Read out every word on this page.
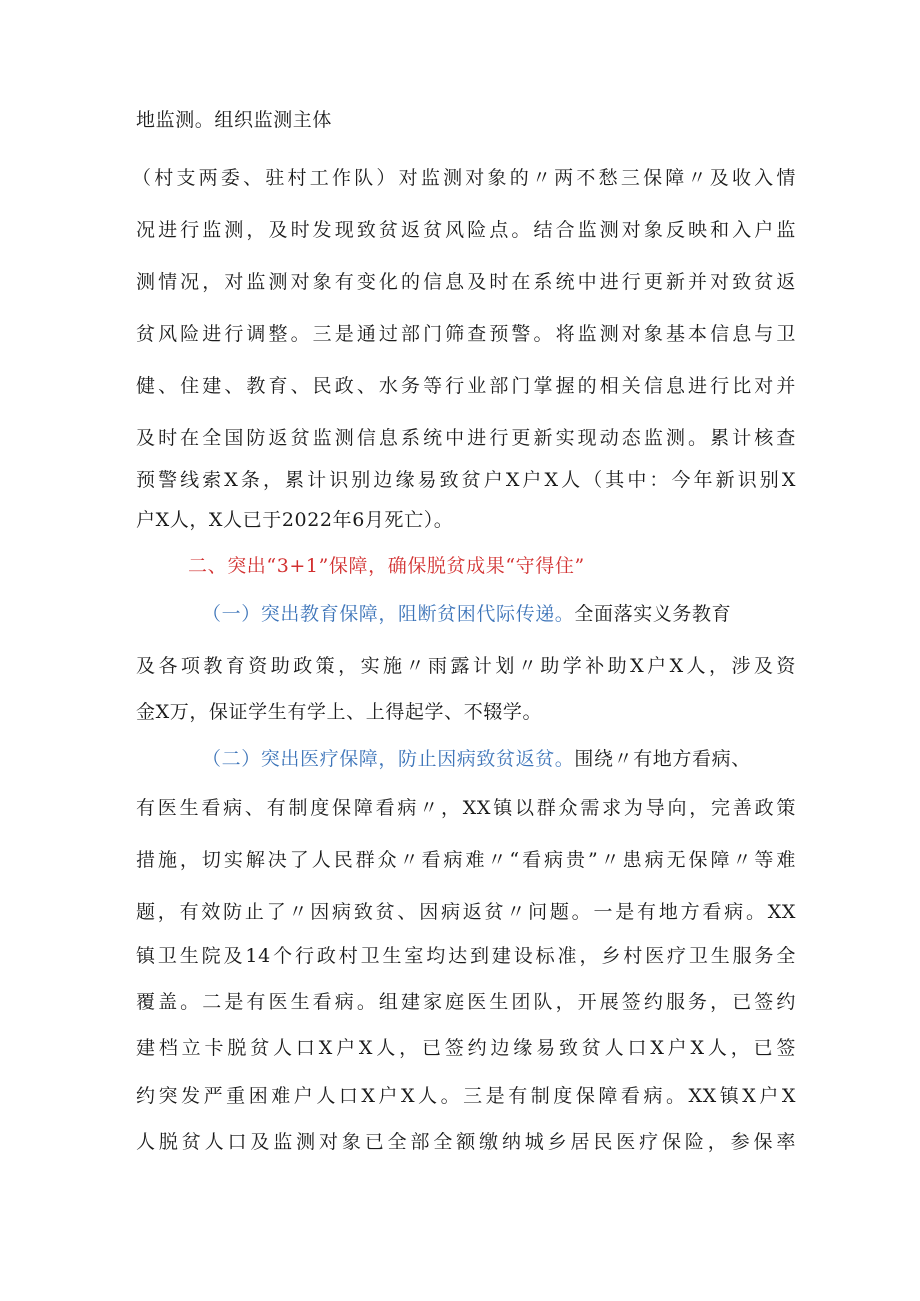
地监测。组织监测主体
（村支两委、驻村工作队）对监测对象的〃两不愁三保障〃及收入情
况进行监测，及时发现致贫返贫风险点。结合监测对象反映和入户监
测情况，对监测对象有变化的信息及时在系统中进行更新并对致贫返
贫风险进行调整。三是通过部门筛查预警。将监测对象基本信息与卫
健、住建、教育、民政、水务等行业部门掌握的相关信息进行比对并
及时在全国防返贫监测信息系统中进行更新实现动态监测。累计核查
预警线索X条，累计识别边缘易致贫户X户X人（其中：今年新识别X
户X人，X人已于2022年6月死亡）。
二、突出“3+1”保障，确保脱贫成果“守得住”
（一）突出教育保障，阻断贫困代际传递。全面落实义务教育
及各项教育资助政策，实施〃雨露计划〃助学补助X户X人，涉及资
金X万，保证学生有学上、上得起学、不辍学。
（二）突出医疗保障，防止因病致贫返贫。围绕〃有地方看病、
有医生看病、有制度保障看病〃，XX镇以群众需求为导向，完善政策
措施，切实解决了人民群众〃看病难〃“看病贵”〃患病无保障〃等难
题，有效防止了〃因病致贫、因病返贫〃问题。一是有地方看病。XX
镇卫生院及14个行政村卫生室均达到建设标准，乡村医疗卫生服务全
覆盖。二是有医生看病。组建家庭医生团队，开展签约服务，已签约
建档立卡脱贫人口X户X人，已签约边缘易致贫人口X户X人，已签
约突发严重困难户人口X户X人。三是有制度保障看病。XX镇X户X
人脱贫人口及监测对象已全部全额缴纳城乡居民医疗保险，参保率
